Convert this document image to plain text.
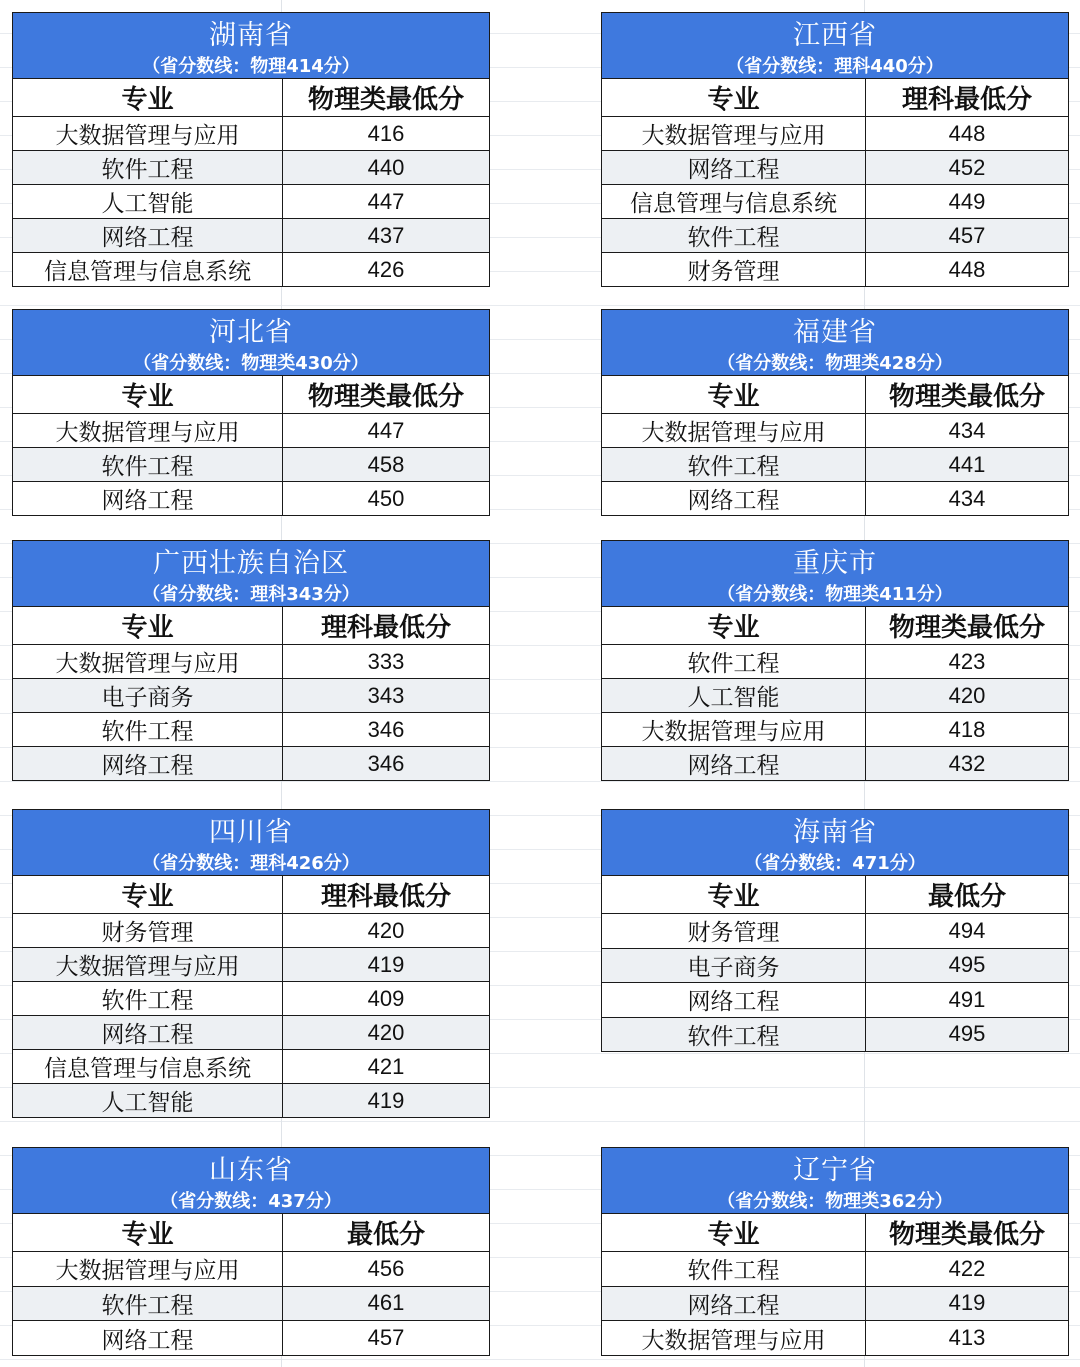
湖南省	
（省分数线：物理414分）	
专业	物理类最低分
大数据管理与应用	416
软件工程	440
人工智能	447
网络工程	437
信息管理与信息系统	426
江西省	
（省分数线：理科440分）	
专业	理科最低分
大数据管理与应用	448
网络工程	452
信息管理与信息系统	449
软件工程	457
财务管理	448
河北省	
（省分数线：物理类430分）	
专业	物理类最低分
大数据管理与应用	447
软件工程	458
网络工程	450
福建省	
（省分数线：物理类428分）	
专业	物理类最低分
大数据管理与应用	434
软件工程	441
网络工程	434
广西壮族自治区	
（省分数线：理科343分）	
专业	理科最低分
大数据管理与应用	333
电子商务	343
软件工程	346
网络工程	346
重庆市	
（省分数线：物理类411分）	
专业	物理类最低分
软件工程	423
人工智能	420
大数据管理与应用	418
网络工程	432
四川省	
（省分数线：理科426分）	
专业	理科最低分
财务管理	420
大数据管理与应用	419
软件工程	409
网络工程	420
信息管理与信息系统	421
人工智能	419
海南省	
（省分数线：471分）	
专业	最低分
财务管理	494
电子商务	495
网络工程	491
软件工程	495
山东省	
（省分数线：437分）	
专业	最低分
大数据管理与应用	456
软件工程	461
网络工程	457
辽宁省	
（省分数线：物理类362分）	
专业	物理类最低分
软件工程	422
网络工程	419
大数据管理与应用	413
